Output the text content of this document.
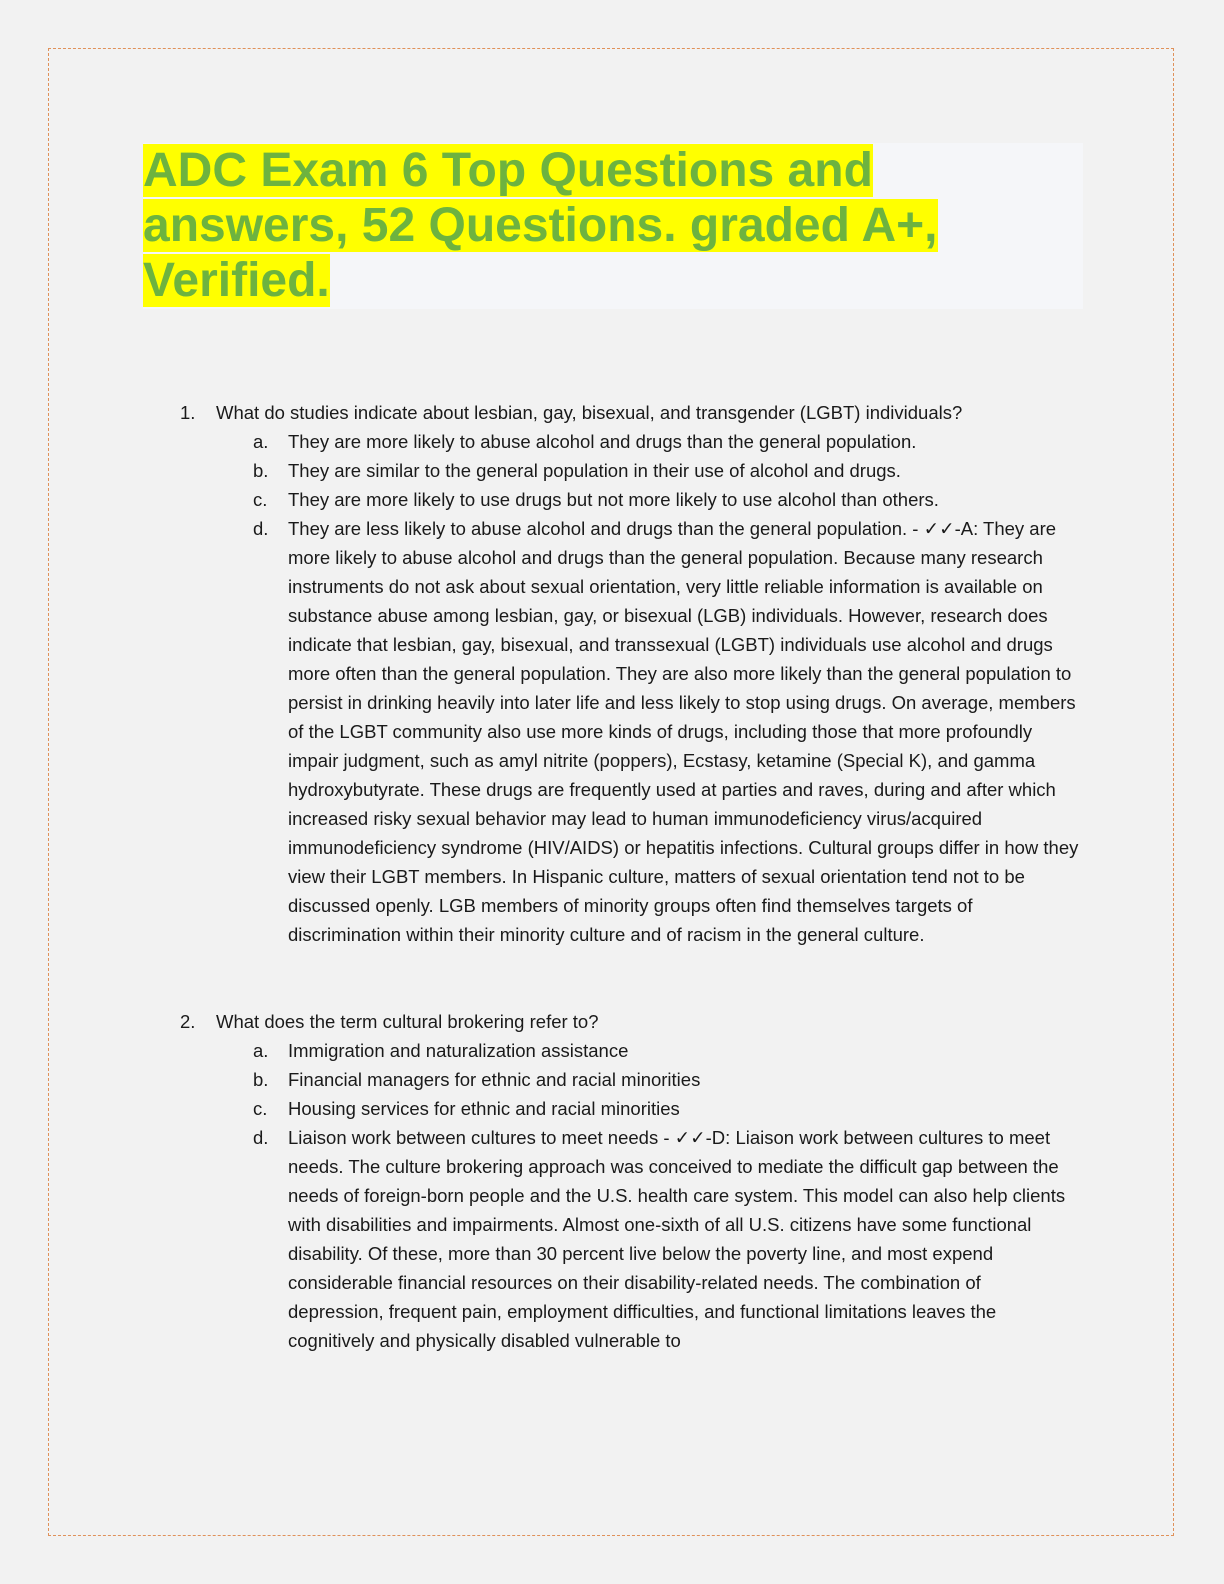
ADC Exam 6 Top Questions and
answers, 52 Questions. graded A+,
Verified.
1. What do studies indicate about lesbian, gay, bisexual, and transgender (LGBT) individuals?
a. They are more likely to abuse alcohol and drugs than the general population.
b. They are similar to the general population in their use of alcohol and drugs.
c. They are more likely to use drugs but not more likely to use alcohol than others.
d. They are less likely to abuse alcohol and drugs than the general population. - ✓✓-A: They are more likely to abuse alcohol and drugs than the general population. Because many research instruments do not ask about sexual orientation, very little reliable information is available on substance abuse among lesbian, gay, or bisexual (LGB) individuals. However, research does indicate that lesbian, gay, bisexual, and transsexual (LGBT) individuals use alcohol and drugs more often than the general population. They are also more likely than the general population to persist in drinking heavily into later life and less likely to stop using drugs. On average, members of the LGBT community also use more kinds of drugs, including those that more profoundly impair judgment, such as amyl nitrite (poppers), Ecstasy, ketamine (Special K), and gamma hydroxybutyrate. These drugs are frequently used at parties and raves, during and after which increased risky sexual behavior may lead to human immunodeficiency virus/acquired immunodeficiency syndrome (HIV/AIDS) or hepatitis infections. Cultural groups differ in how they view their LGBT members. In Hispanic culture, matters of sexual orientation tend not to be discussed openly. LGB members of minority groups often find themselves targets of discrimination within their minority culture and of racism in the general culture.
2. What does the term cultural brokering refer to?
a. Immigration and naturalization assistance
b. Financial managers for ethnic and racial minorities
c. Housing services for ethnic and racial minorities
d. Liaison work between cultures to meet needs - ✓✓-D: Liaison work between cultures to meet needs. The culture brokering approach was conceived to mediate the difficult gap between the needs of foreign-born people and the U.S. health care system. This model can also help clients with disabilities and impairments. Almost one-sixth of all U.S. citizens have some functional disability. Of these, more than 30 percent live below the poverty line, and most expend considerable financial resources on their disability-related needs. The combination of depression, frequent pain, employment difficulties, and functional limitations leaves the cognitively and physically disabled vulnerable to
